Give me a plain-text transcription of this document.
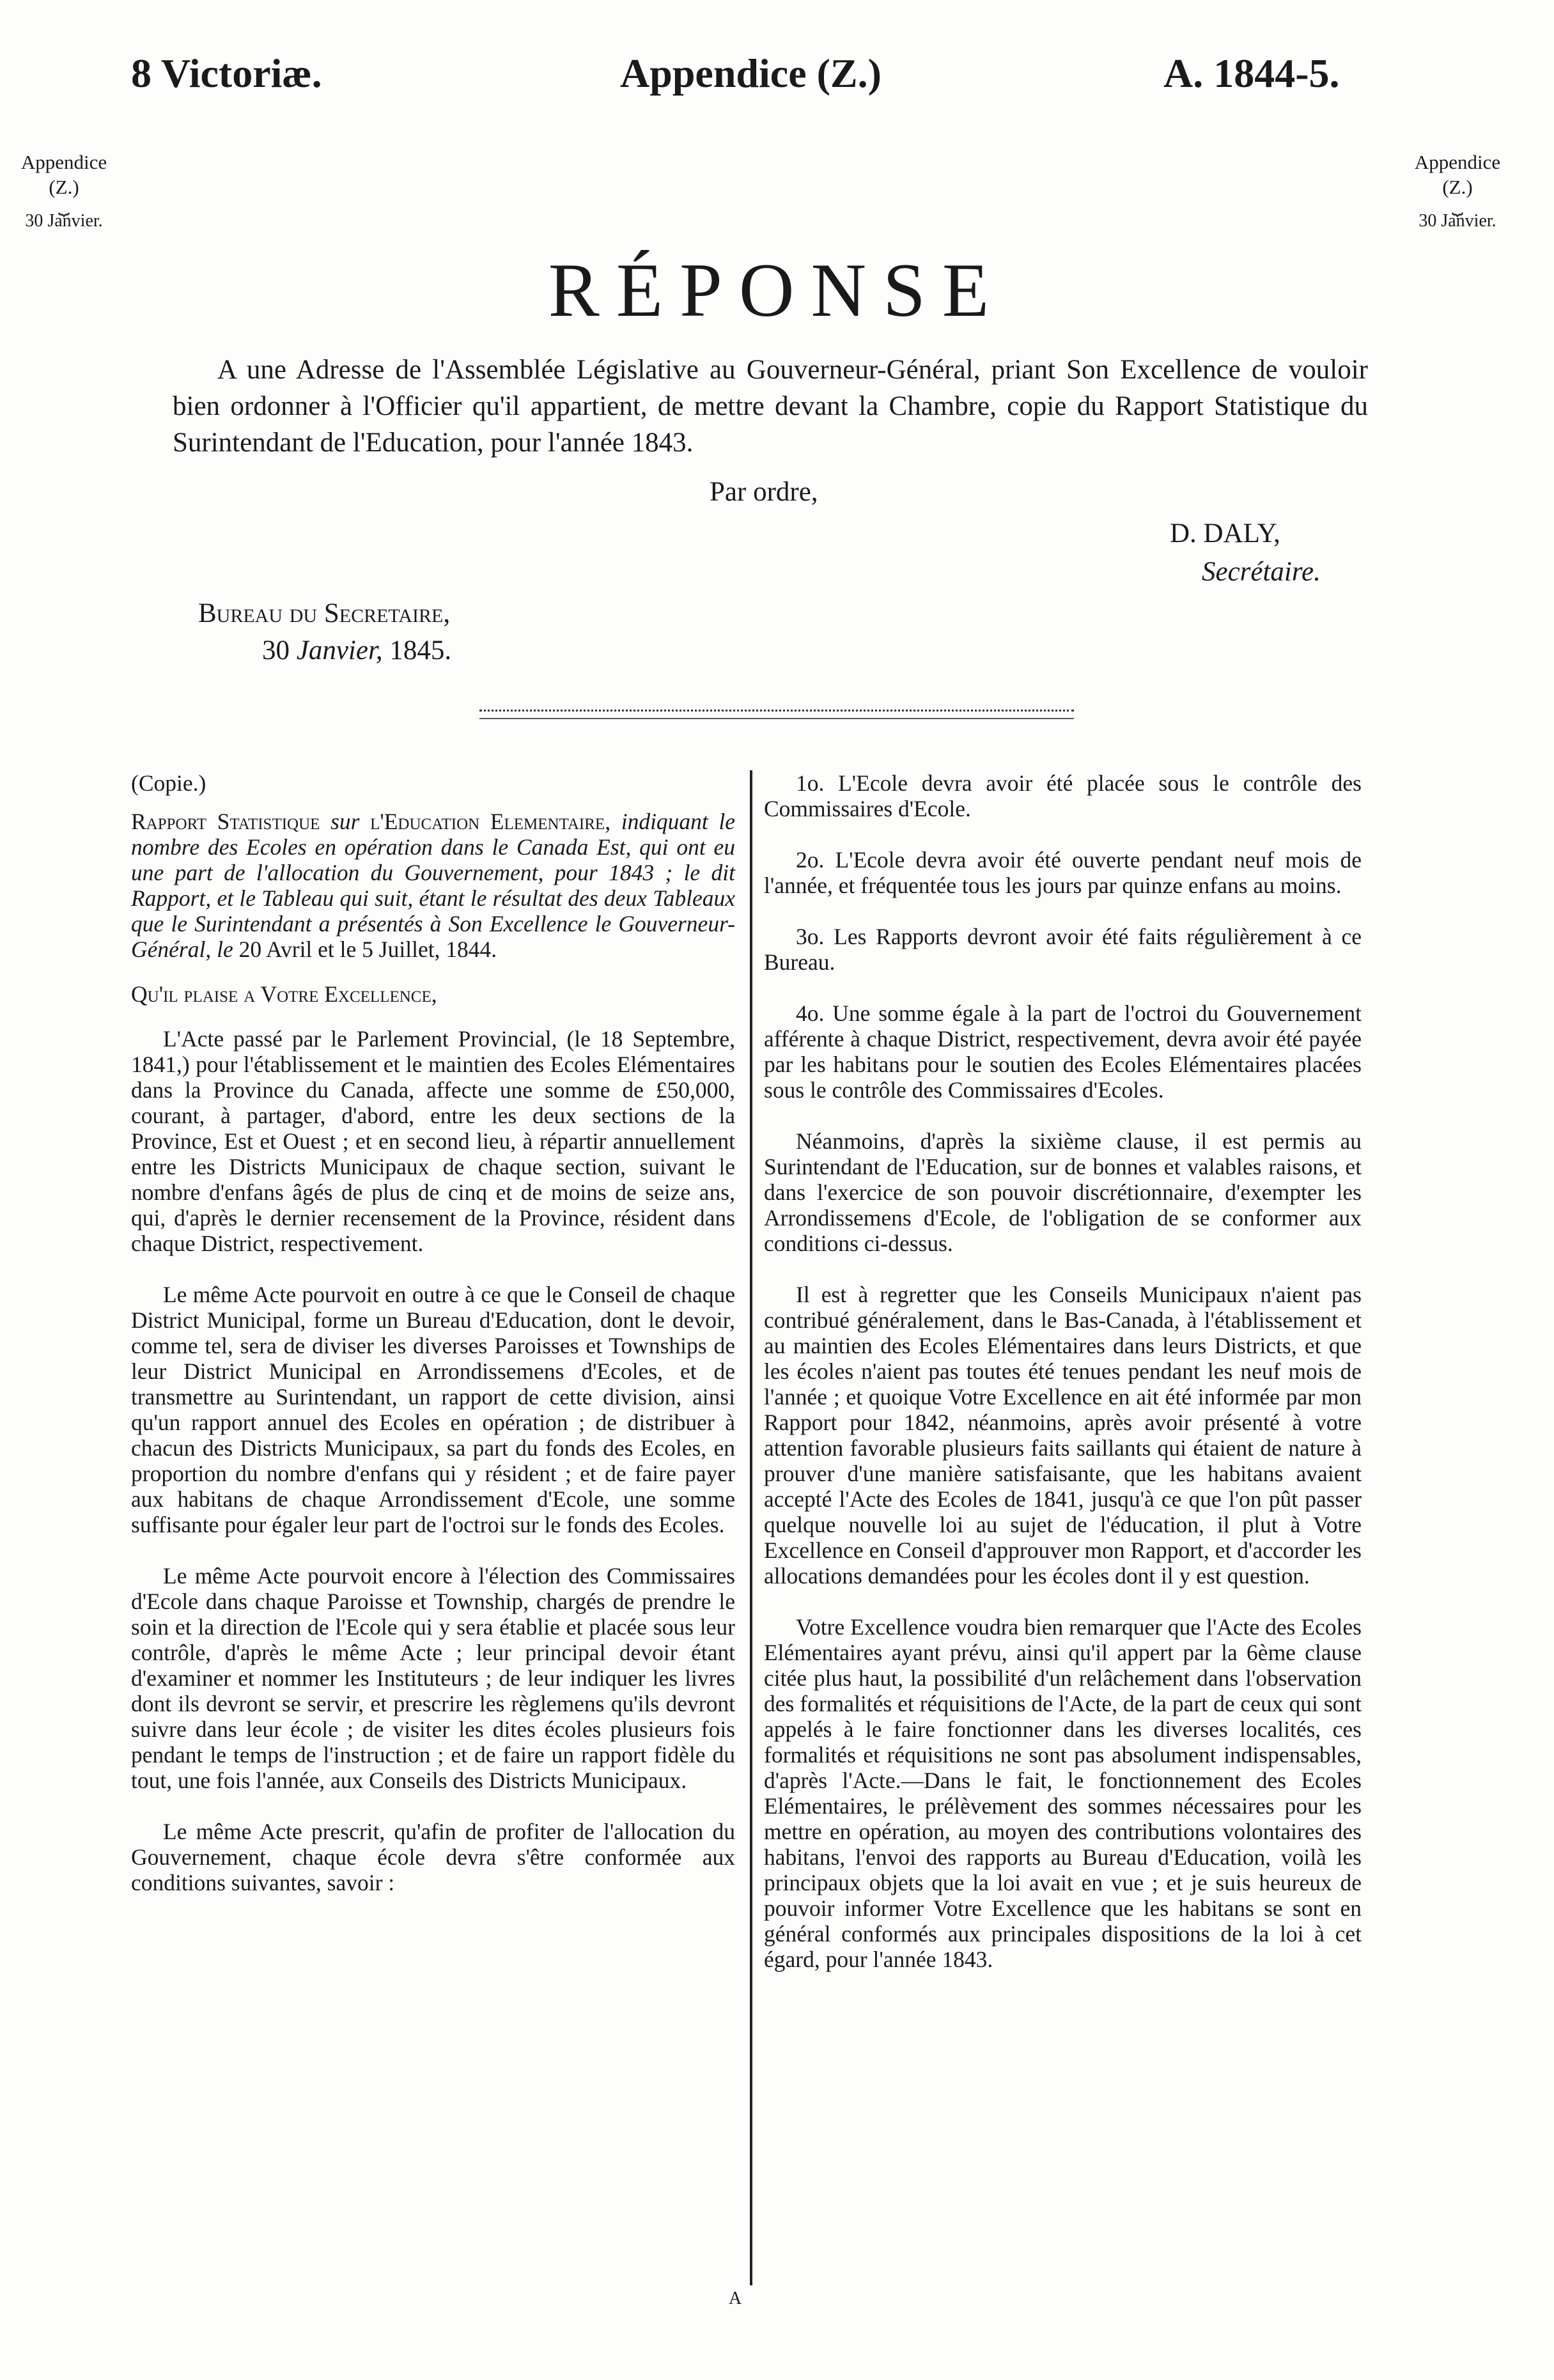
8 Victoriæ.	Appendice (Z.)	A. 1844-5.
Appendice
(Z.)
⏟
30 Janvier.
Appendice
(Z.)
⏟
30 Janvier.
RÉPONSE
A une Adresse de l'Assemblée Législative au Gouverneur-Général, priant Son Excellence de vouloir bien ordonner à l'Officier qu'il appartient, de mettre devant la Chambre, copie du Rapport Statistique du Surintendant de l'Education, pour l'année 1843.
Par ordre,
D. DALY,
Secrétaire.
Bureau du Secretaire,
30 Janvier, 1845.

(Copie.)

Rapport Statistique sur l'Education Elementaire, indiquant le nombre des Ecoles en opération dans le Canada Est, qui ont eu une part de l'allocation du Gouvernement, pour 1843 ; le dit Rapport, et le Tableau qui suit, étant le résultat des deux Tableaux que le Surintendant a présentés à Son Excellence le Gouverneur-Général, le 20 Avril et le 5 Juillet, 1844.

Qu'il plaise a Votre Excellence,

L'Acte passé par le Parlement Provincial, (le 18 Septembre, 1841,) pour l'établissement et le maintien des Ecoles Elémentaires dans la Province du Canada, affecte une somme de £50,000, courant, à partager, d'abord, entre les deux sections de la Province, Est et Ouest ; et en second lieu, à répartir annuellement entre les Districts Municipaux de chaque section, suivant le nombre d'enfans âgés de plus de cinq et de moins de seize ans, qui, d'après le dernier recensement de la Province, résident dans chaque District, respectivement.

Le même Acte pourvoit en outre à ce que le Conseil de chaque District Municipal, forme un Bureau d'Education, dont le devoir, comme tel, sera de diviser les diverses Paroisses et Townships de leur District Municipal en Arrondissemens d'Ecoles, et de transmettre au Surintendant, un rapport de cette division, ainsi qu'un rapport annuel des Ecoles en opération ; de distribuer à chacun des Districts Municipaux, sa part du fonds des Ecoles, en proportion du nombre d'enfans qui y résident ; et de faire payer aux habitans de chaque Arrondissement d'Ecole, une somme suffisante pour égaler leur part de l'octroi sur le fonds des Ecoles.

Le même Acte pourvoit encore à l'élection des Commissaires d'Ecole dans chaque Paroisse et Township, chargés de prendre le soin et la direction de l'Ecole qui y sera établie et placée sous leur contrôle, d'après le même Acte ; leur principal devoir étant d'examiner et nommer les Instituteurs ; de leur indiquer les livres dont ils devront se servir, et prescrire les règlemens qu'ils devront suivre dans leur école ; de visiter les dites écoles plusieurs fois pendant le temps de l'instruction ; et de faire un rapport fidèle du tout, une fois l'année, aux Conseils des Districts Municipaux.

Le même Acte prescrit, qu'afin de profiter de l'allocation du Gouvernement, chaque école devra s'être conformée aux conditions suivantes, savoir :

1o. L'Ecole devra avoir été placée sous le contrôle des Commissaires d'Ecole.

2o. L'Ecole devra avoir été ouverte pendant neuf mois de l'année, et fréquentée tous les jours par quinze enfans au moins.

3o. Les Rapports devront avoir été faits régulièrement à ce Bureau.

4o. Une somme égale à la part de l'octroi du Gouvernement afférente à chaque District, respectivement, devra avoir été payée par les habitans pour le soutien des Ecoles Elémentaires placées sous le contrôle des Commissaires d'Ecoles.

Néanmoins, d'après la sixième clause, il est permis au Surintendant de l'Education, sur de bonnes et valables raisons, et dans l'exercice de son pouvoir discrétionnaire, d'exempter les Arrondissemens d'Ecole, de l'obligation de se conformer aux conditions ci-dessus.

Il est à regretter que les Conseils Municipaux n'aient pas contribué généralement, dans le Bas-Canada, à l'établissement et au maintien des Ecoles Elémentaires dans leurs Districts, et que les écoles n'aient pas toutes été tenues pendant les neuf mois de l'année ; et quoique Votre Excellence en ait été informée par mon Rapport pour 1842, néanmoins, après avoir présenté à votre attention favorable plusieurs faits saillants qui étaient de nature à prouver d'une manière satisfaisante, que les habitans avaient accepté l'Acte des Ecoles de 1841, jusqu'à ce que l'on pût passer quelque nouvelle loi au sujet de l'éducation, il plut à Votre Excellence en Conseil d'approuver mon Rapport, et d'accorder les allocations demandées pour les écoles dont il y est question.

Votre Excellence voudra bien remarquer que l'Acte des Ecoles Elémentaires ayant prévu, ainsi qu'il appert par la 6ème clause citée plus haut, la possibilité d'un relâchement dans l'observation des formalités et réquisitions de l'Acte, de la part de ceux qui sont appelés à le faire fonctionner dans les diverses localités, ces formalités et réquisitions ne sont pas absolument indispensables, d'après l'Acte.—Dans le fait, le fonctionnement des Ecoles Elémentaires, le prélèvement des sommes nécessaires pour les mettre en opération, au moyen des contributions volontaires des habitans, l'envoi des rapports au Bureau d'Education, voilà les principaux objets que la loi avait en vue ; et je suis heureux de pouvoir informer Votre Excellence que les habitans se sont en général conformés aux principales dispositions de la loi à cet égard, pour l'année 1843.

A
